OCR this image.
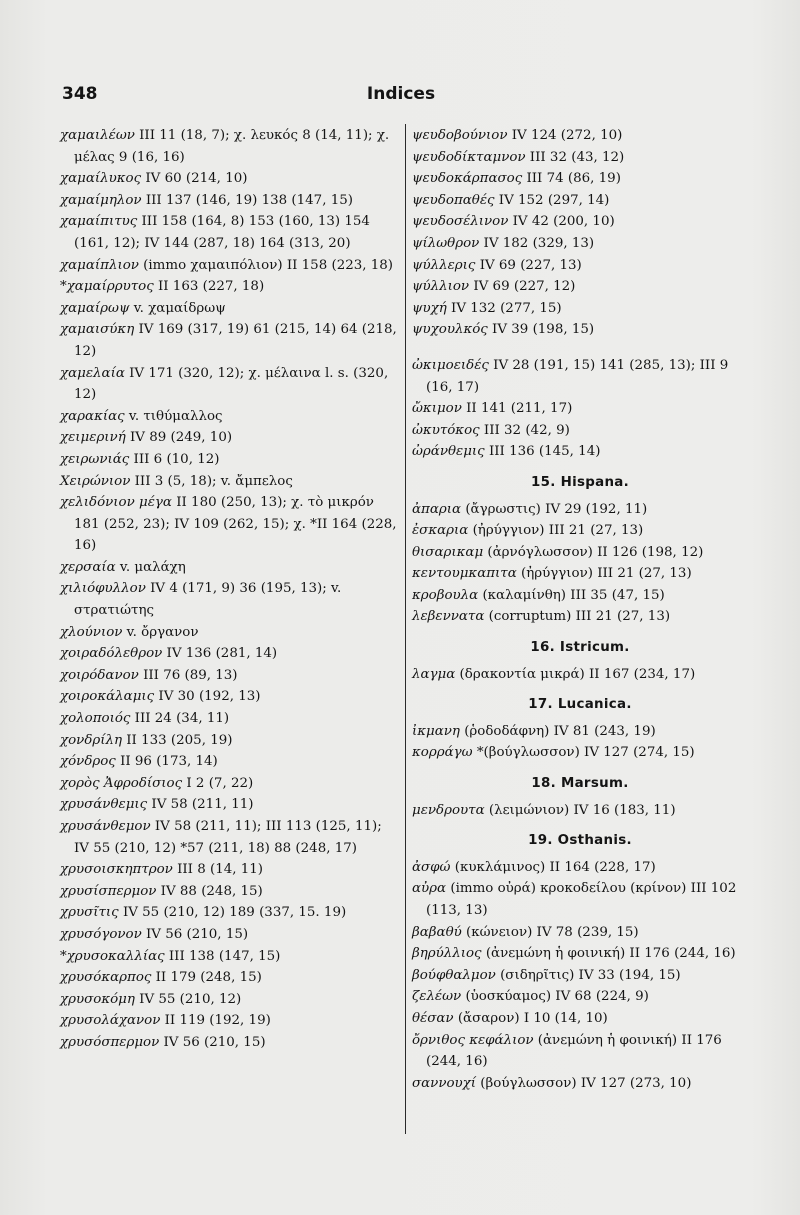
348	Indices

χαμαιλέων III 11 (18, 7); χ. λευκός 8 (14, 11); χ. μέλας 9 (16, 16)

χαμαίλυκος IV 60 (214, 10)

χαμαίμηλον III 137 (146, 19) 138 (147, 15)

χαμαίπιτυς III 158 (164, 8) 153 (160, 13) 154 (161, 12); IV 144 (287, 18) 164 (313, 20)

χαμαίπλιον (immo χαμαιπόλιον) II 158 (223, 18)

*χαμαίρρυτος II 163 (227, 18)

χαμαίρωψ v. χαμαίδρωψ

χαμαισύκη IV 169 (317, 19) 61 (215, 14) 64 (218, 12)

χαμελαία IV 171 (320, 12); χ. μέλαινα l. s. (320, 12)

χαρακίας v. τιθύμαλλος

χειμερινή IV 89 (249, 10)

χειρωνιάς III 6 (10, 12)

Χειρώνιον III 3 (5, 18); v. ἄμπελος

χελιδόνιον μέγα II 180 (250, 13); χ. τὸ μικρόν 181 (252, 23); IV 109 (262, 15); χ. *II 164 (228, 16)

χερσαία v. μαλάχη

χιλιόφυλλον IV 4 (171, 9) 36 (195, 13); v. στρατιώτης

χλούνιον v. ὄργανον

χοιραδόλεθρον IV 136 (281, 14)

χοιρόδανον III 76 (89, 13)

χοιροκάλαμις IV 30 (192, 13)

χολοποιός III 24 (34, 11)

χονδρίλη II 133 (205, 19)

χόνδρος II 96 (173, 14)

χορὸς Ἀφροδίσιος I 2 (7, 22)

χρυσάνθεμις IV 58 (211, 11)

χρυσάνθεμον IV 58 (211, 11); III 113 (125, 11); IV 55 (210, 12) *57 (211, 18) 88 (248, 17)

χρυσοισκηπτρον III 8 (14, 11)

χρυσίσπερμον IV 88 (248, 15)

χρυσῖτις IV 55 (210, 12) 189 (337, 15. 19)

χρυσόγονον IV 56 (210, 15)

*χρυσοκαλλίας III 138 (147, 15)

χρυσόκαρπος II 179 (248, 15)

χρυσοκόμη IV 55 (210, 12)

χρυσολάχανον II 119 (192, 19)

χρυσόσπερμον IV 56 (210, 15)

ψευδοβούνιον IV 124 (272, 10)

ψευδοδίκταμνον III 32 (43, 12)

ψευδοκάρπασος III 74 (86, 19)

ψευδοπαθές IV 152 (297, 14)

ψευδοσέλινον IV 42 (200, 10)

ψίλωθρον IV 182 (329, 13)

ψύλλερις IV 69 (227, 13)

ψύλλιον IV 69 (227, 12)

ψυχή IV 132 (277, 15)

ψυχουλκός IV 39 (198, 15)

ὠκιμοειδές IV 28 (191, 15) 141 (285, 13); III 9 (16, 17)

ὤκιμον II 141 (211, 17)

ὠκυτόκος III 32 (42, 9)

ὠράνθεμις III 136 (145, 14)

15. Hispana.

ἀπαρια (ἄγρωστις) IV 29 (192, 11)

ἐσκαρια (ἠρύγγιον) III 21 (27, 13)

θισαρικαμ (ἀρνόγλωσσον) II 126 (198, 12)

κεντουμκαπιτα (ἠρύγγιον) III 21 (27, 13)

κροβουλα (καλαμίνθη) III 35 (47, 15)

λεβεννατα (corruptum) III 21 (27, 13)

16. Istricum.

λαγμα (δρακοντία μικρά) II 167 (234, 17)

17. Lucanica.

ἰκμανη (ῥοδοδάφνη) IV 81 (243, 19)

κορράγω *(βούγλωσσον) IV 127 (274, 15)

18. Marsum.

μενδρουτα (λειμώνιον) IV 16 (183, 11)

19. Osthanis.

ἀσφώ (κυκλάμινος) II 164 (228, 17)

αὐρα (immo οὐρά) κροκοδείλου (κρίνον) III 102 (113, 13)

βαβαθύ (κώνειον) IV 78 (239, 15)

βηρύλλιος (ἀνεμώνη ἡ φοινική) II 176 (244, 16)

βούφθαλμον (σιδηρῖτις) IV 33 (194, 15)

ζελέων (ὑοσκύαμος) IV 68 (224, 9)

θέσαν (ἄσαρον) I 10 (14, 10)

ὄρνιθος κεφάλιον (ἀνεμώνη ἡ φοινική) II 176 (244, 16)

σαννουχί (βούγλωσσον) IV 127 (273, 10)
